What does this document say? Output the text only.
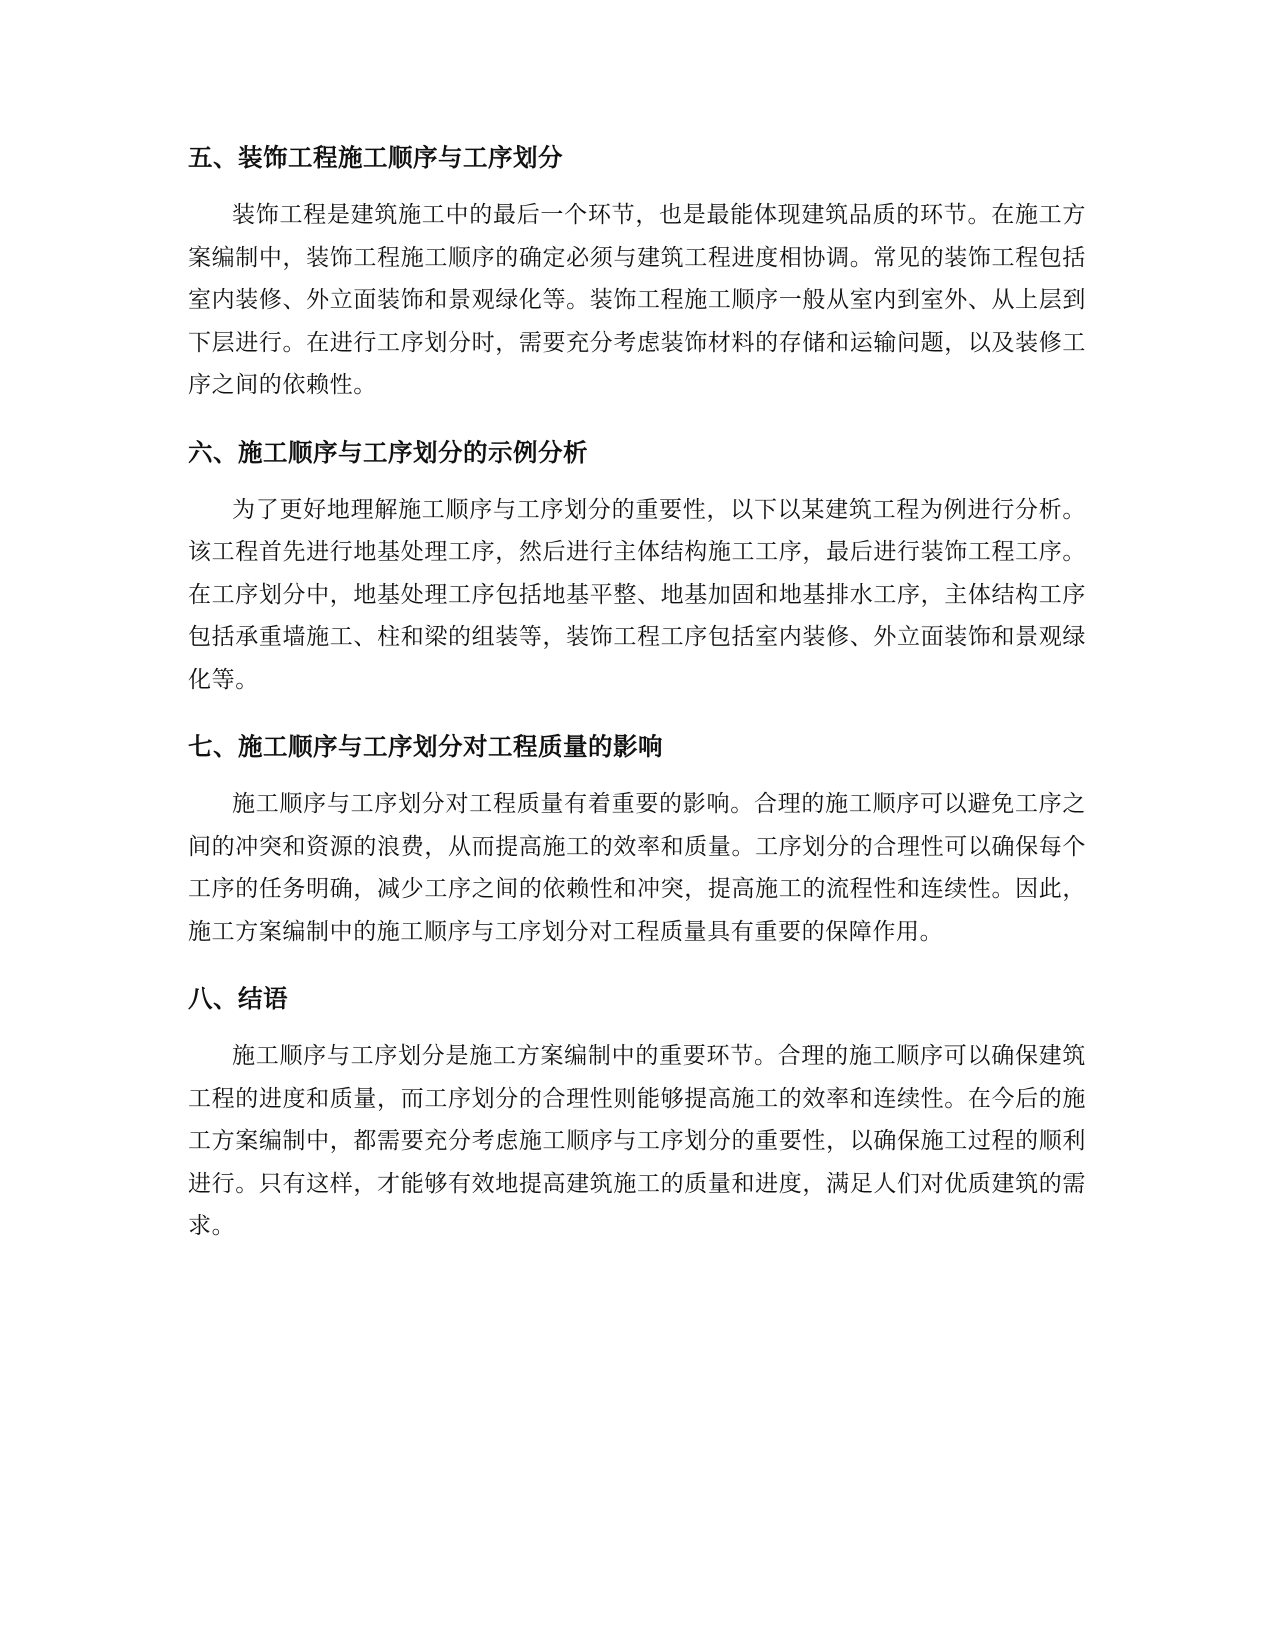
五、装饰工程施工顺序与工序划分

装饰工程是建筑施工中的最后一个环节，也是最能体现建筑品质的环节。在施工方案编制中，装饰工程施工顺序的确定必须与建筑工程进度相协调。常见的装饰工程包括室内装修、外立面装饰和景观绿化等。装饰工程施工顺序一般从室内到室外、从上层到下层进行。在进行工序划分时，需要充分考虑装饰材料的存储和运输问题，以及装修工序之间的依赖性。

六、施工顺序与工序划分的示例分析

为了更好地理解施工顺序与工序划分的重要性，以下以某建筑工程为例进行分析。该工程首先进行地基处理工序，然后进行主体结构施工工序，最后进行装饰工程工序。在工序划分中，地基处理工序包括地基平整、地基加固和地基排水工序，主体结构工序包括承重墙施工、柱和梁的组装等，装饰工程工序包括室内装修、外立面装饰和景观绿化等。

七、施工顺序与工序划分对工程质量的影响

施工顺序与工序划分对工程质量有着重要的影响。合理的施工顺序可以避免工序之间的冲突和资源的浪费，从而提高施工的效率和质量。工序划分的合理性可以确保每个工序的任务明确，减少工序之间的依赖性和冲突，提高施工的流程性和连续性。因此，施工方案编制中的施工顺序与工序划分对工程质量具有重要的保障作用。

八、结语

施工顺序与工序划分是施工方案编制中的重要环节。合理的施工顺序可以确保建筑工程的进度和质量，而工序划分的合理性则能够提高施工的效率和连续性。在今后的施工方案编制中，都需要充分考虑施工顺序与工序划分的重要性，以确保施工过程的顺利进行。只有这样，才能够有效地提高建筑施工的质量和进度，满足人们对优质建筑的需求。
